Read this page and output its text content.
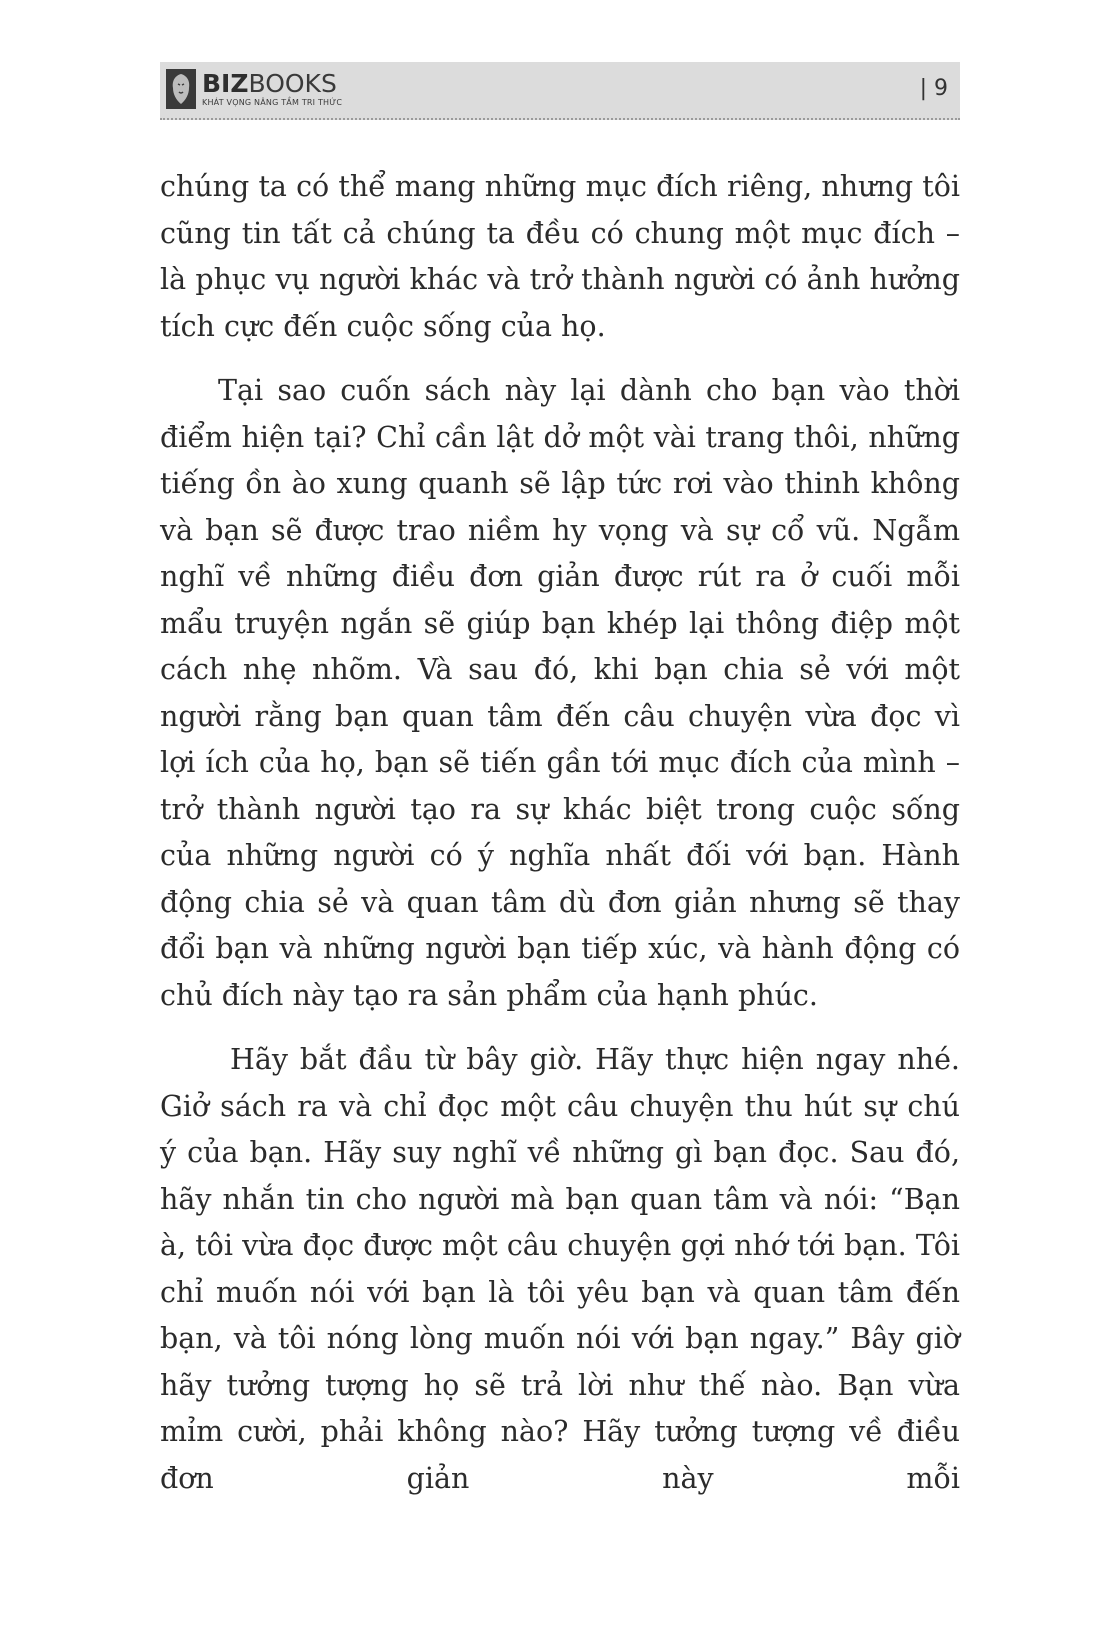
BIZBOOKS
KHÁT VỌNG NÂNG TẦM TRI THỨC
| 9

chúng ta có thể mang những mục đích riêng, nhưng tôi cũng tin tất cả chúng ta đều có chung một mục đích – là phục vụ người khác và trở thành người có ảnh hưởng tích cực đến cuộc sống của họ.

Tại sao cuốn sách này lại dành cho bạn vào thời điểm hiện tại? Chỉ cần lật dở một vài trang thôi, những tiếng ồn ào xung quanh sẽ lập tức rơi vào thinh không và bạn sẽ được trao niềm hy vọng và sự cổ vũ. Ngẫm nghĩ về những điều đơn giản được rút ra ở cuối mỗi mẩu truyện ngắn sẽ giúp bạn khép lại thông điệp một cách nhẹ nhõm. Và sau đó, khi bạn chia sẻ với một người rằng bạn quan tâm đến câu chuyện vừa đọc vì lợi ích của họ, bạn sẽ tiến gần tới mục đích của mình – trở thành người tạo ra sự khác biệt trong cuộc sống của những người có ý nghĩa nhất đối với bạn. Hành động chia sẻ và quan tâm dù đơn giản nhưng sẽ thay đổi bạn và những người bạn tiếp xúc, và hành động có chủ đích này tạo ra sản phẩm của hạnh phúc.

Hãy bắt đầu từ bây giờ. Hãy thực hiện ngay nhé. Giở sách ra và chỉ đọc một câu chuyện thu hút sự chú ý của bạn. Hãy suy nghĩ về những gì bạn đọc. Sau đó, hãy nhắn tin cho người mà bạn quan tâm và nói: “Bạn à, tôi vừa đọc được một câu chuyện gợi nhớ tới bạn. Tôi chỉ muốn nói với bạn là tôi yêu bạn và quan tâm đến bạn, và tôi nóng lòng muốn nói với bạn ngay.” Bây giờ hãy tưởng tượng họ sẽ trả lời như thế nào. Bạn vừa mỉm cười, phải không nào? Hãy tưởng tượng về điều đơn giản này mỗi
